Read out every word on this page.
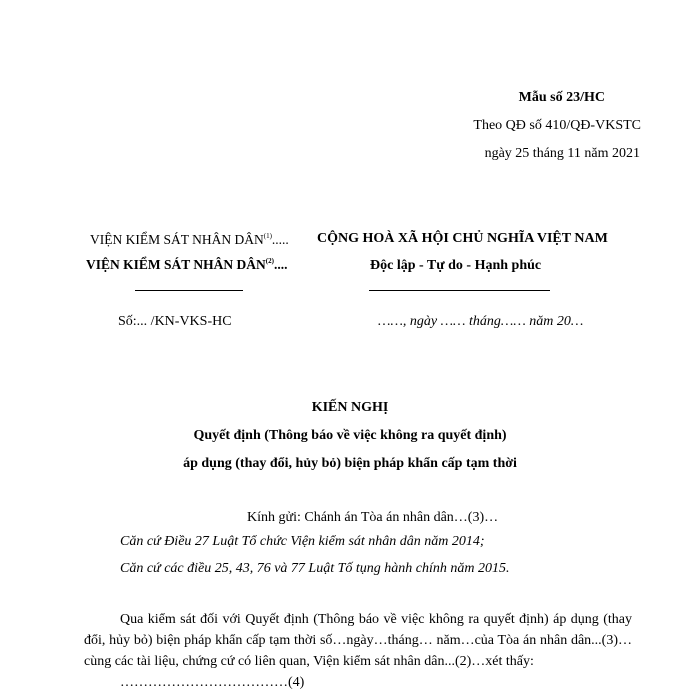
Mẫu số 23/HC
Theo QĐ số 410/QĐ-VKSTC
ngày 25 tháng 11 năm 2021
VIỆN KIỂM SÁT NHÂN DÂN$^{(1)}$.....
VIỆN KIỂM SÁT NHÂN DÂN$^{(2)}$....
Số:... /KN-VKS-HC
CỘNG HOÀ XÃ HỘI CHỦ NGHĨA VIỆT NAM
Độc lập - Tự do - Hạnh phúc
……, ngày …… tháng…… năm 20…
KIẾN NGHỊ
Quyết định (Thông báo về việc không ra quyết định)
áp dụng (thay đổi, hủy bỏ) biện pháp khẩn cấp tạm thời
Kính gửi: Chánh án Tòa án nhân dân…(3)…
Căn cứ Điều 27 Luật Tổ chức Viện kiểm sát nhân dân năm 2014;
Căn cứ các điều 25, 43, 76 và 77 Luật Tố tụng hành chính năm 2015.
Qua kiểm sát đối với Quyết định (Thông báo về việc không ra quyết định) áp dụng (thay đổi, hủy bỏ) biện pháp khẩn cấp tạm thời số…ngày…tháng… năm…của Tòa án nhân dân...(3)… cùng các tài liệu, chứng cứ có liên quan, Viện kiểm sát nhân dân...(2)…xét thấy:
………………………………(4)
